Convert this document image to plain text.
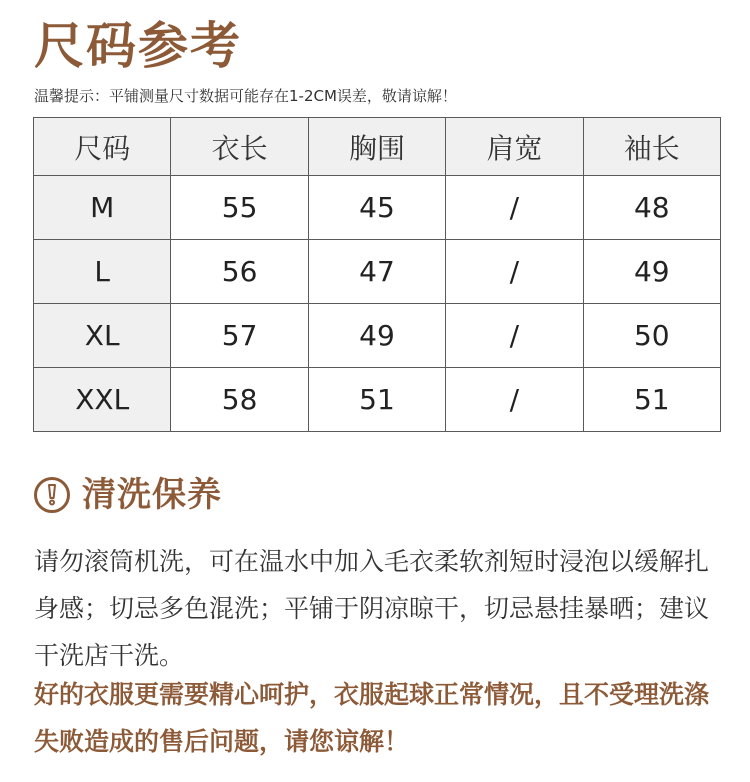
尺码参考
温馨提示：平铺测量尺寸数据可能存在1-2CM误差，敬请谅解！
尺码	衣长	胸围	肩宽	袖长
M	55	45	/	48
L	56	47	/	49
XL	57	49	/	50
XXL	58	51	/	51
清洗保养
请勿滚筒机洗，可在温水中加入毛衣柔软剂短时浸泡以缓解扎身感；切忌多色混洗；平铺于阴凉晾干，切忌悬挂暴晒；建议干洗店干洗。
好的衣服更需要精心呵护，衣服起球正常情况，且不受理洗涤失败造成的售后问题，请您谅解！
